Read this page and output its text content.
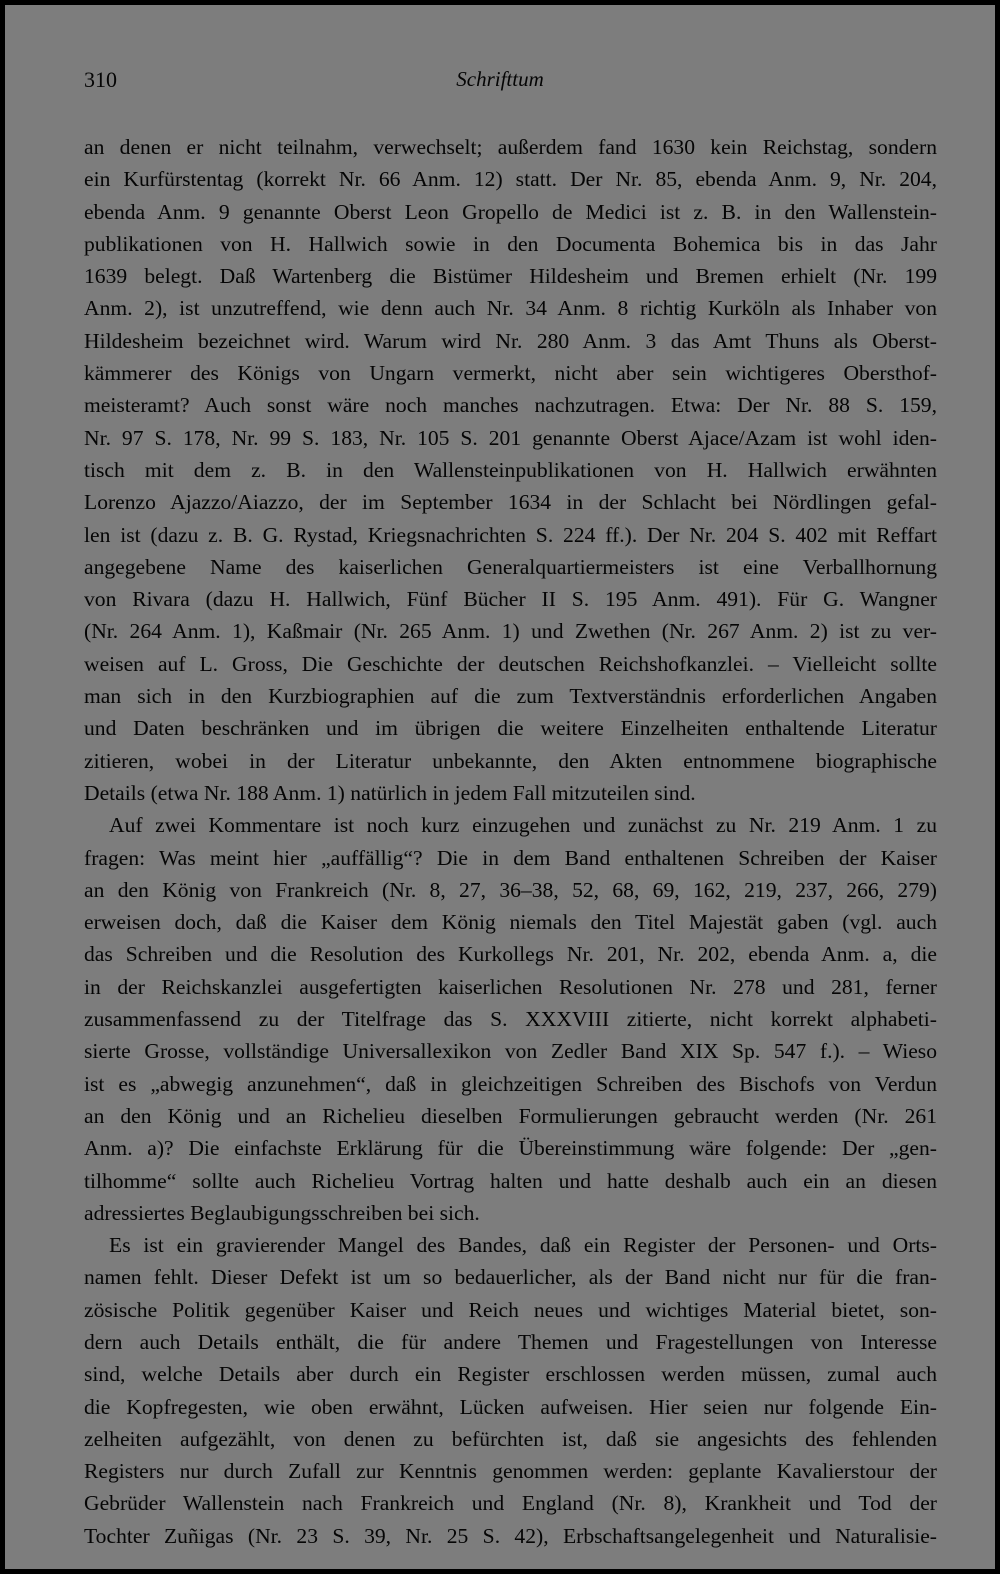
310	Schrifttum
an denen er nicht teilnahm, verwechselt; außerdem fand 1630 kein Reichstag, sondern
ein Kurfürstentag (korrekt Nr. 66 Anm. 12) statt. Der Nr. 85, ebenda Anm. 9, Nr. 204,
ebenda Anm. 9 genannte Oberst Leon Gropello de Medici ist z. B. in den Wallenstein-
publikationen von H. Hallwich sowie in den Documenta Bohemica bis in das Jahr
1639 belegt. Daß Wartenberg die Bistümer Hildesheim und Bremen erhielt (Nr. 199
Anm. 2), ist unzutreffend, wie denn auch Nr. 34 Anm. 8 richtig Kurköln als Inhaber von
Hildesheim bezeichnet wird. Warum wird Nr. 280 Anm. 3 das Amt Thuns als Oberst-
kämmerer des Königs von Ungarn vermerkt, nicht aber sein wichtigeres Obersthof-
meisteramt? Auch sonst wäre noch manches nachzutragen. Etwa: Der Nr. 88 S. 159,
Nr. 97 S. 178, Nr. 99 S. 183, Nr. 105 S. 201 genannte Oberst Ajace/Azam ist wohl iden-
tisch mit dem z. B. in den Wallensteinpublikationen von H. Hallwich erwähnten
Lorenzo Ajazzo/Aiazzo, der im September 1634 in der Schlacht bei Nördlingen gefal-
len ist (dazu z. B. G. Rystad, Kriegsnachrichten S. 224 ff.). Der Nr. 204 S. 402 mit Reffart
angegebene Name des kaiserlichen Generalquartiermeisters ist eine Verballhornung
von Rivara (dazu H. Hallwich, Fünf Bücher II S. 195 Anm. 491). Für G. Wangner
(Nr. 264 Anm. 1), Kaßmair (Nr. 265 Anm. 1) und Zwethen (Nr. 267 Anm. 2) ist zu ver-
weisen auf L. Gross, Die Geschichte der deutschen Reichshofkanzlei. – Vielleicht sollte
man sich in den Kurzbiographien auf die zum Textverständnis erforderlichen Angaben
und Daten beschränken und im übrigen die weitere Einzelheiten enthaltende Literatur
zitieren, wobei in der Literatur unbekannte, den Akten entnommene biographische
Details (etwa Nr. 188 Anm. 1) natürlich in jedem Fall mitzuteilen sind.
Auf zwei Kommentare ist noch kurz einzugehen und zunächst zu Nr. 219 Anm. 1 zu
fragen: Was meint hier „auffällig“? Die in dem Band enthaltenen Schreiben der Kaiser
an den König von Frankreich (Nr. 8, 27, 36–38, 52, 68, 69, 162, 219, 237, 266, 279)
erweisen doch, daß die Kaiser dem König niemals den Titel Majestät gaben (vgl. auch
das Schreiben und die Resolution des Kurkollegs Nr. 201, Nr. 202, ebenda Anm. a, die
in der Reichskanzlei ausgefertigten kaiserlichen Resolutionen Nr. 278 und 281, ferner
zusammenfassend zu der Titelfrage das S. XXXVIII zitierte, nicht korrekt alphabeti-
sierte Grosse, vollständige Universallexikon von Zedler Band XIX Sp. 547 f.). – Wieso
ist es „abwegig anzunehmen“, daß in gleichzeitigen Schreiben des Bischofs von Verdun
an den König und an Richelieu dieselben Formulierungen gebraucht werden (Nr. 261
Anm. a)? Die einfachste Erklärung für die Übereinstimmung wäre folgende: Der „gen-
tilhomme“ sollte auch Richelieu Vortrag halten und hatte deshalb auch ein an diesen
adressiertes Beglaubigungsschreiben bei sich.
Es ist ein gravierender Mangel des Bandes, daß ein Register der Personen- und Orts-
namen fehlt. Dieser Defekt ist um so bedauerlicher, als der Band nicht nur für die fran-
zösische Politik gegenüber Kaiser und Reich neues und wichtiges Material bietet, son-
dern auch Details enthält, die für andere Themen und Fragestellungen von Interesse
sind, welche Details aber durch ein Register erschlossen werden müssen, zumal auch
die Kopfregesten, wie oben erwähnt, Lücken aufweisen. Hier seien nur folgende Ein-
zelheiten aufgezählt, von denen zu befürchten ist, daß sie angesichts des fehlenden
Registers nur durch Zufall zur Kenntnis genommen werden: geplante Kavalierstour der
Gebrüder Wallenstein nach Frankreich und England (Nr. 8), Krankheit und Tod der
Tochter Zuñigas (Nr. 23 S. 39, Nr. 25 S. 42), Erbschaftsangelegenheit und Naturalisie-
